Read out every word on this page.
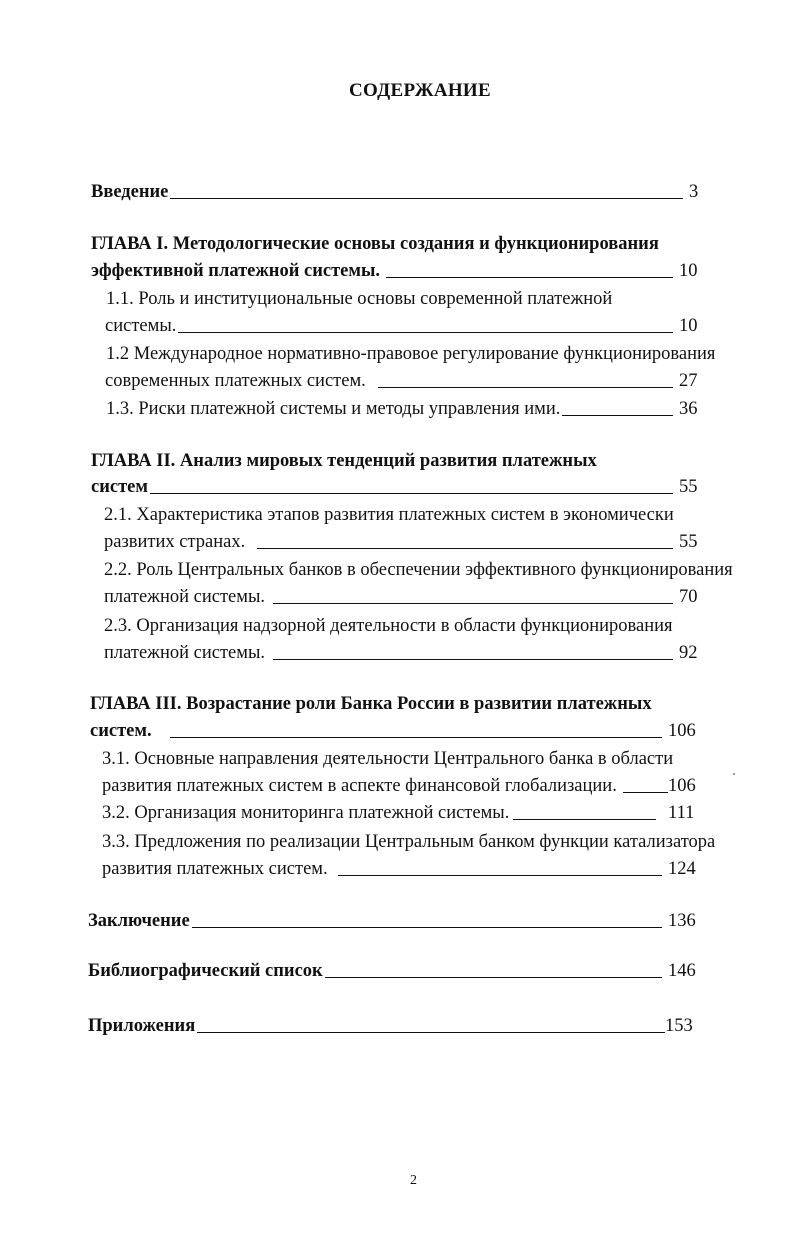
СОДЕРЖАНИЕ
Введение	3
ГЛАВА I. Методологические основы создания и функционирования
эффективной платежной системы.	10
1.1. Роль и институциональные основы современной платежной
системы.	10
1.2 Международное нормативно-правовое регулирование функционирования
современных платежных систем.	27
1.3. Риски платежной системы и методы управления ими.	36
ГЛАВА II. Анализ мировых тенденций развития платежных
систем	55
2.1. Характеристика этапов развития платежных систем в экономически
развитих странах.	55
2.2. Роль Центральных банков в обеспечении эффективного функционирования
платежной системы.	70
2.3. Организация надзорной деятельности в области функционирования
платежной системы.	92
ГЛАВА III. Возрастание роли Банка России в развитии платежных
систем.	106
3.1. Основные направления деятельности Центрального банка в области
развития платежных систем в аспекте финансовой глобализации.	106
3.2. Организация мониторинга платежной системы.	111
3.3. Предложения по реализации Центральным банком функции катализатора
развития платежных систем.	124
Заключение	136
Библиографический список	146
Приложения	153
2
